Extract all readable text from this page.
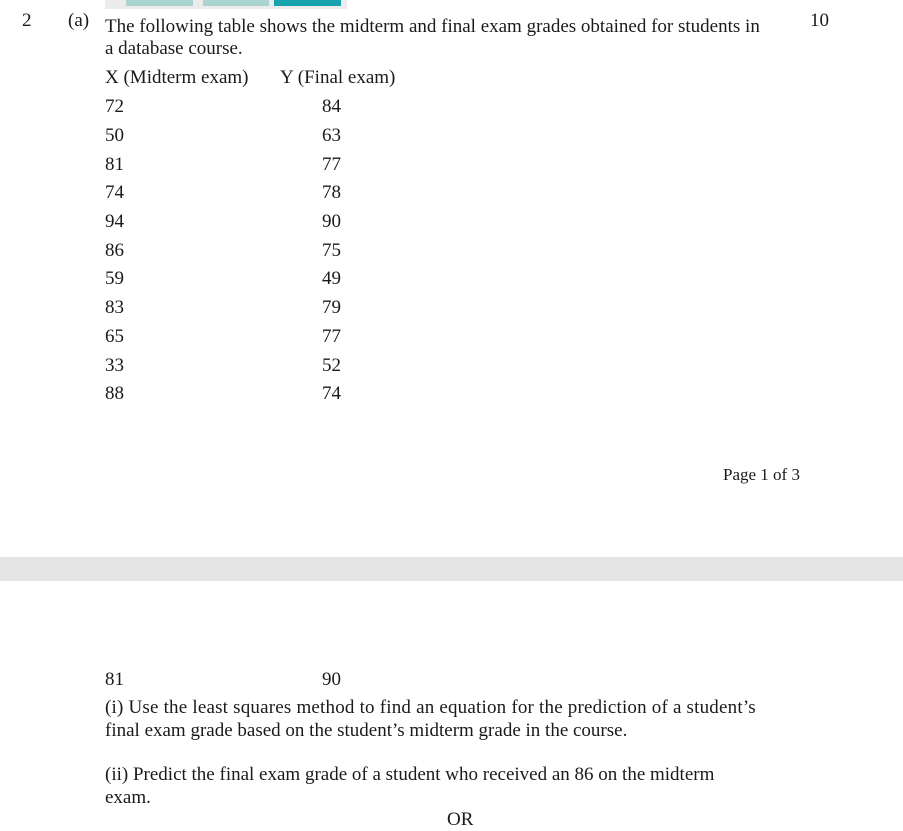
2 (a)	10
The following table shows the midterm and final exam grades obtained for students in
a database course.
X (Midterm exam) Y (Final exam)
72	84
50	63
81	77
74	78
94	90
86	75
59	49
83	79
65	77
33	52
88	74
Page 1 of 3
81	90
(i) Use the least squares method to find an equation for the prediction of a student’s
final exam grade based on the student’s midterm grade in the course.
(ii) Predict the final exam grade of a student who received an 86 on the midterm
exam.
OR
